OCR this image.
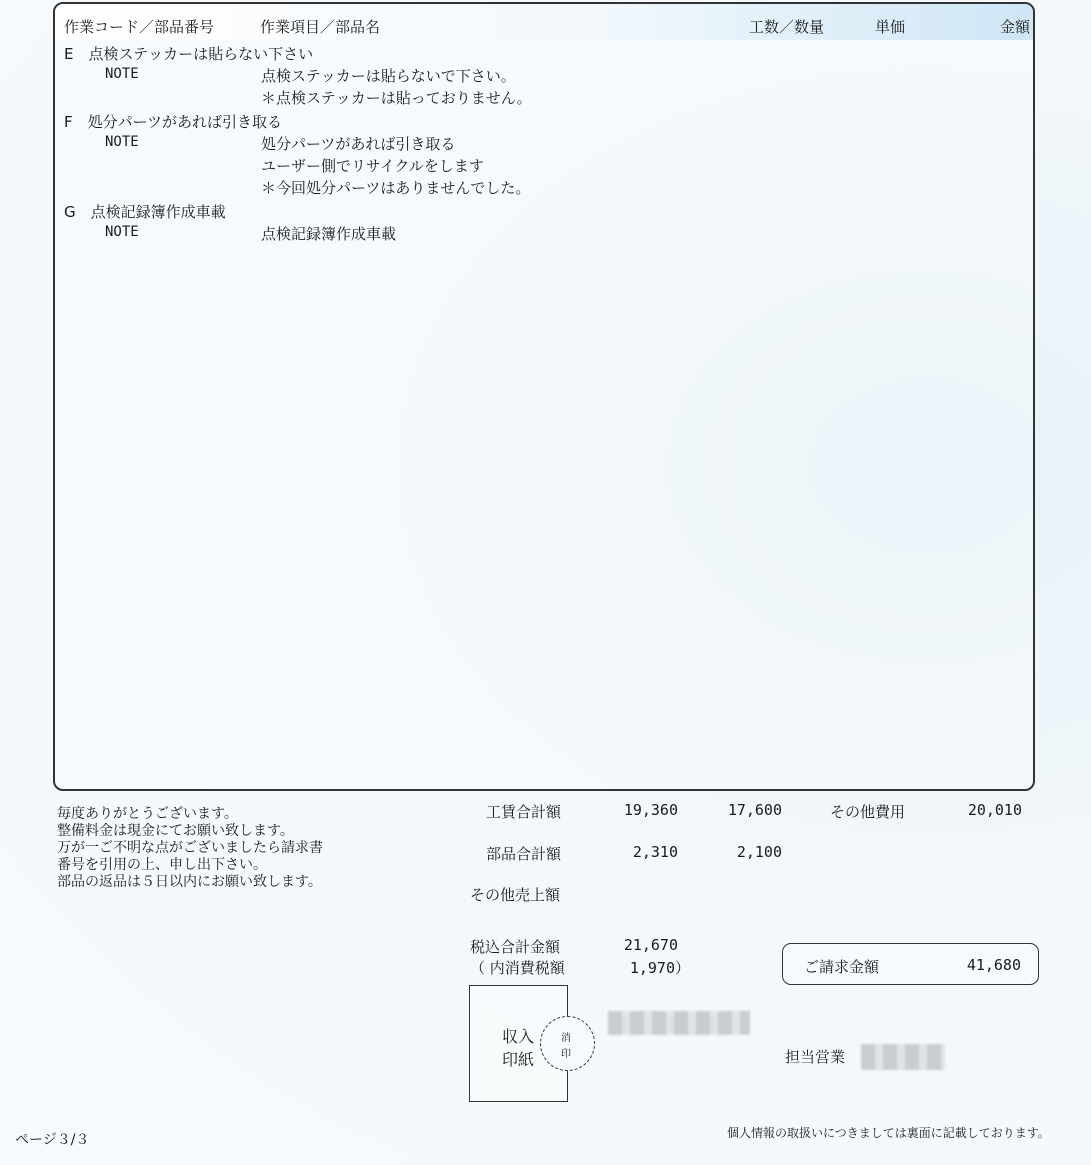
作業コード／部品番号	作業項目／部品名	工数／数量	単価	金額
E　点検ステッカーは貼らない下さい
NOTE	点検ステッカーは貼らないで下さい。
＊点検ステッカーは貼っておりません。
F　処分パーツがあれば引き取る
NOTE	処分パーツがあれば引き取る
ユーザー側でリサイクルをします
＊今回処分パーツはありませんでした。
G　点検記録簿作成車載
NOTE	点検記録簿作成車載
毎度ありがとうございます。
整備料金は現金にてお願い致します。
万が一ご不明な点がございましたら請求書
番号を引用の上、申し出下さい。
部品の返品は５日以内にお願い致します。
工賃合計額	19,360	17,600	その他費用	20,010
部品合計額	2,310	2,100
その他売上額
税込合計金額	21,670
（ 内消費税額	1,970）	ご請求金額	41,680
収入
印紙
消
印	担当営業
ページ３/３	個人情報の取扱いにつきましては裏面に記載しております。
